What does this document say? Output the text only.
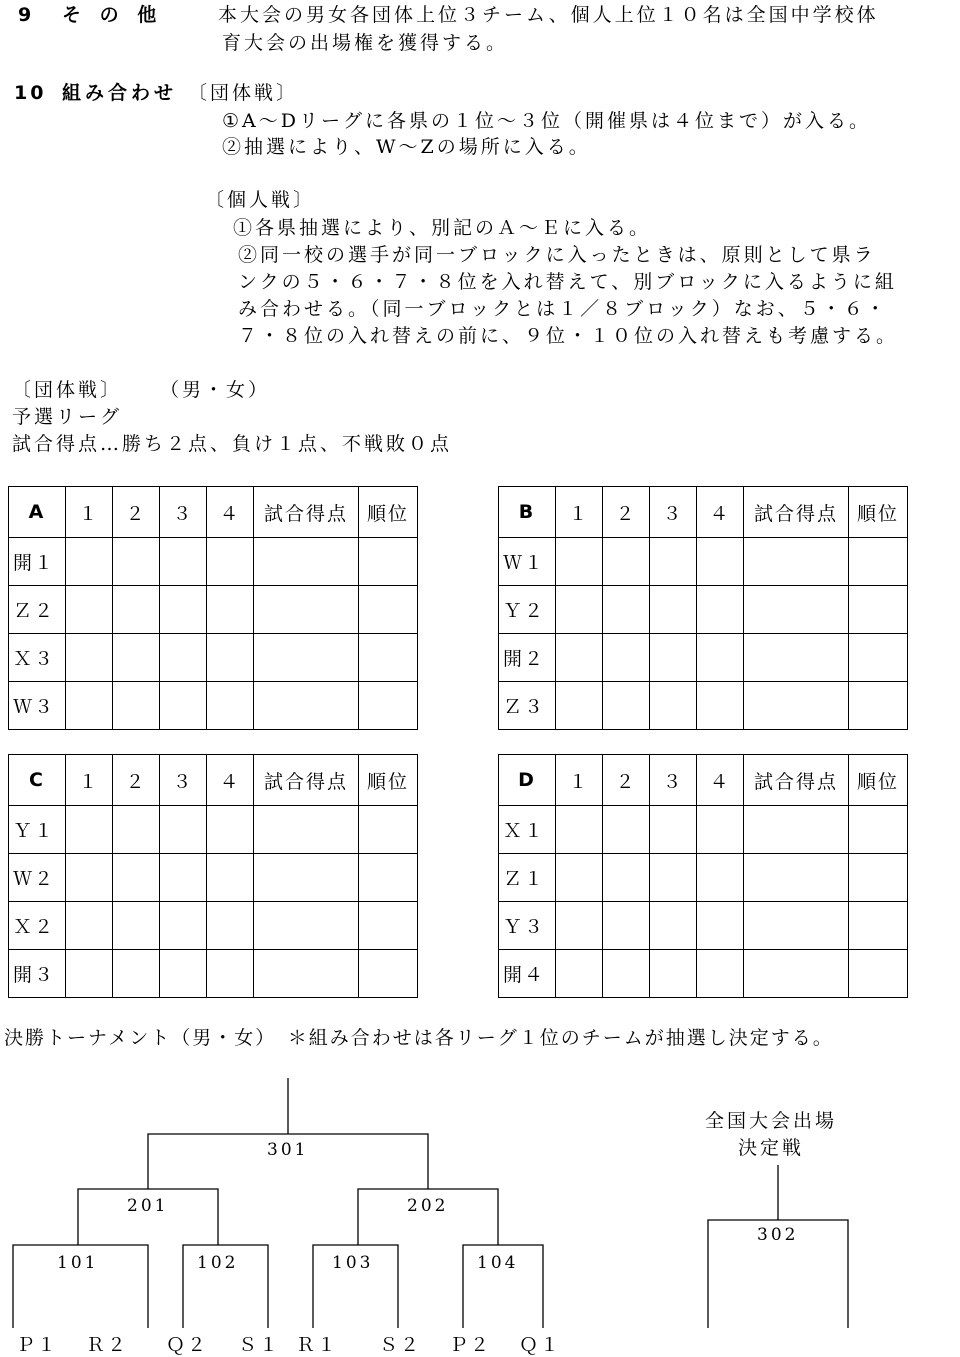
9 そ の 他	本大会の男女各団体上位３チーム、個人上位１０名は全国中学校体
育大会の出場権を獲得する。
10 組み合わせ 〔団体戦〕
①A～Dリーグに各県の１位～３位（開催県は４位まで）が入る。
②抽選により、W～Zの場所に入る。
〔個人戦〕
①各県抽選により、別記のＡ～Ｅに入る。
②同一校の選手が同一ブロックに入ったときは、原則として県ラ
ンクの５・６・７・８位を入れ替えて、別ブロックに入るように組
み合わせる。（同一ブロックとは１／８ブロック）なお、５・６・
７・８位の入れ替えの前に、９位・１０位の入れ替えも考慮する。
〔団体戦〕 （男・女）
予選リーグ
試合得点…勝ち２点、負け１点、不戦敗０点
A	１	２	３	４	試合得点	順位
開１						
Ｚ２						
Ｘ３						
Ｗ３						
B	１	２	３	４	試合得点	順位
Ｗ１						
Ｙ２						
開２						
Ｚ３						
C	１	２	３	４	試合得点	順位
Ｙ１						
Ｗ２						
Ｘ２						
開３						
D	１	２	３	４	試合得点	順位
Ｘ１						
Ｚ１						
Ｙ３						
開４						
決勝トーナメント（男・女）　＊組み合わせは各リーグ１位のチームが抽選し決定する。
301
201	202
101	102	103	104
302
全国大会出場
決定戦
Ｐ１ Ｒ２ Ｑ２ Ｓ１ Ｒ１ Ｓ２ Ｐ２ Ｑ１
